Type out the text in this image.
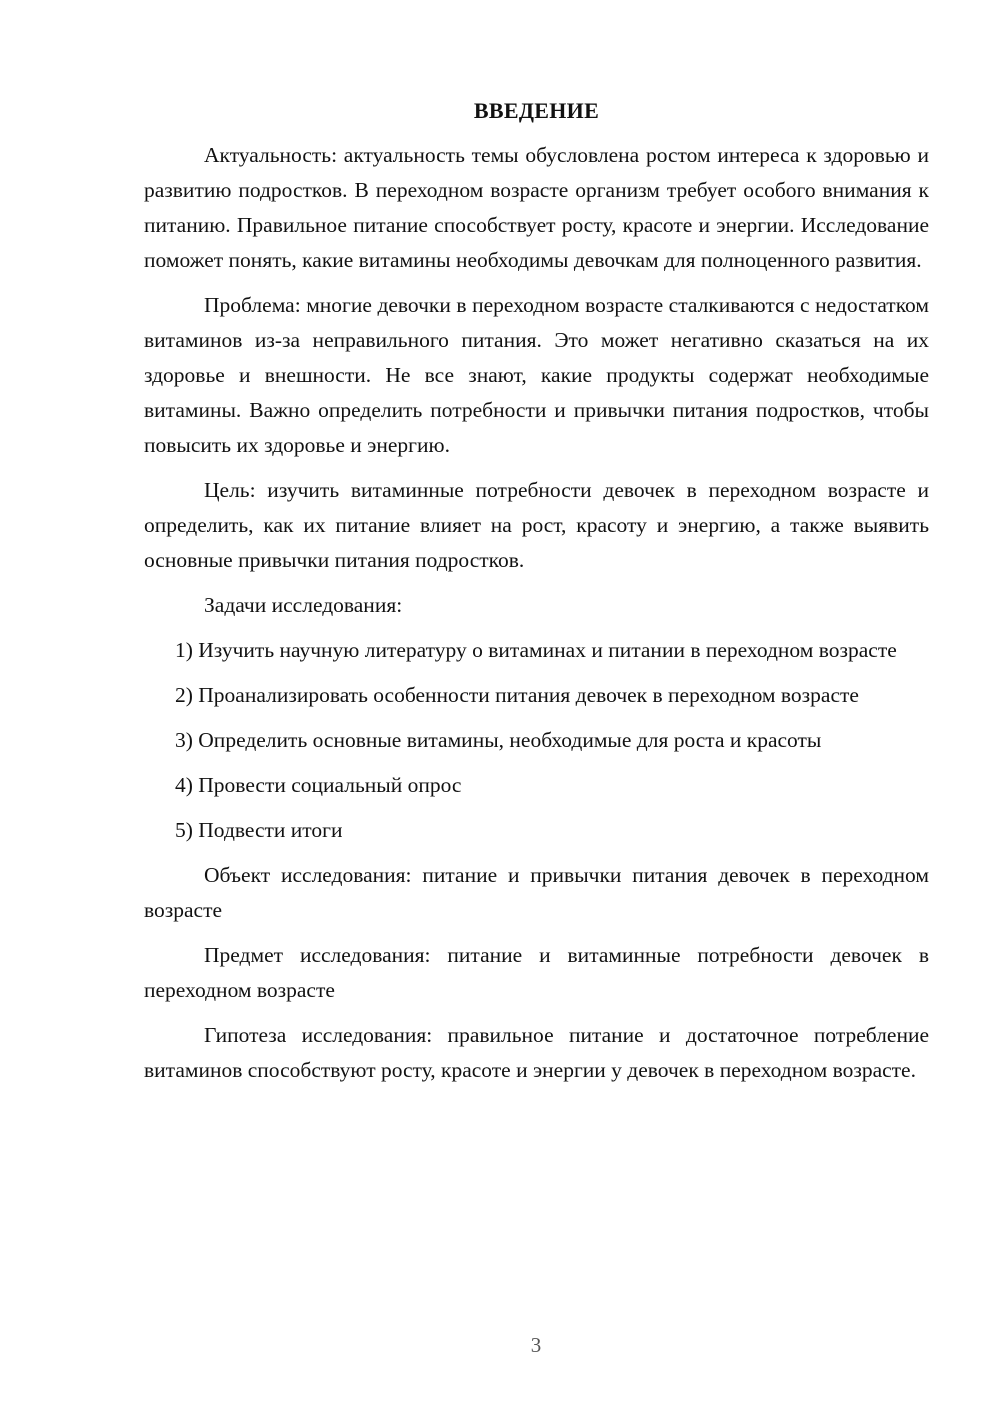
ВВЕДЕНИЕ

Актуальность: актуальность темы обусловлена ростом интереса к здоровью и развитию подростков. В переходном возрасте организм требует особого внимания к питанию. Правильное питание способствует росту, красоте и энергии. Исследование поможет понять, какие витамины необходимы девочкам для полноценного развития.

Проблема: многие девочки в переходном возрасте сталкиваются с недостатком витаминов из-за неправильного питания. Это может негативно сказаться на их здоровье и внешности. Не все знают, какие продукты содержат необходимые витамины. Важно определить потребности и привычки питания подростков, чтобы повысить их здоровье и энергию.

Цель: изучить витаминные потребности девочек в переходном возрасте и определить, как их питание влияет на рост, красоту и энергию, а также выявить основные привычки питания подростков.

Задачи исследования:

1) Изучить научную литературу о витаминах и питании в переходном возрасте

2) Проанализировать особенности питания девочек в переходном возрасте

3) Определить основные витамины, необходимые для роста и красоты

4) Провести социальный опрос

5) Подвести итоги

Объект исследования: питание и привычки питания девочек в переходном возрасте

Предмет исследования: питание и витаминные потребности девочек в переходном возрасте

Гипотеза исследования: правильное питание и достаточное потребление витаминов способствуют росту, красоте и энергии у девочек в переходном возрасте.

3
